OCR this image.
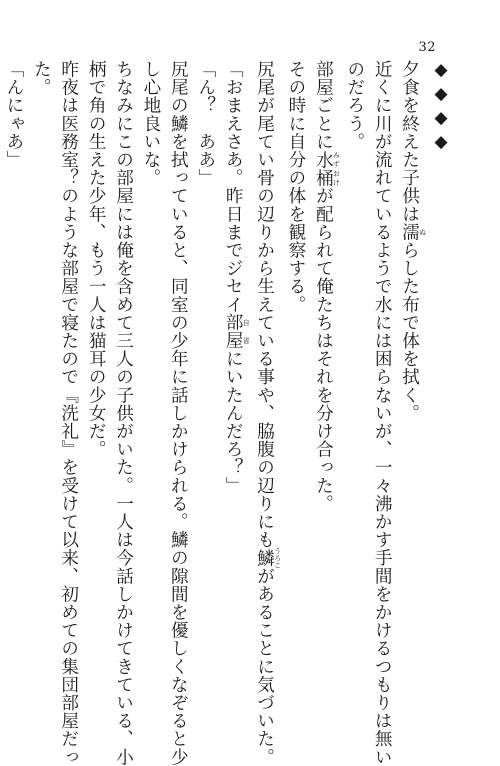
32
◆◆◆◆
夕食を終えた子供は濡 ぬらした布で体を拭く。
近くに川が流れているようで水には困らないが、一々沸かす手間をかけるつもりは無い
のだろう。
部屋ごとに水桶 みずおけが配られて俺たちはそれを分け合った。
その時に自分の体を観察する。
尻尾が尾てい骨の辺りから生えている事や、脇腹の辺りにも鱗 うろこがあることに気づいた。
「おまえさあ。昨日までジセイ部屋 自省にいたんだろ？」
「ん？　ああ」
尻尾の鱗を拭っていると、同室の少年に話しかけられる。鱗の隙間を優しくなぞると少
し心地良いな。
ちなみにこの部屋には俺を含めて三人の子供がいた。一人は今話しかけてきている、小
柄で角の生えた少年、もう一人は猫耳の少女だ。
昨夜は医務室？のような部屋で寝たので『洗礼』を受けて以来、初めての集団部屋だっ
た。
「んにゃあ」
